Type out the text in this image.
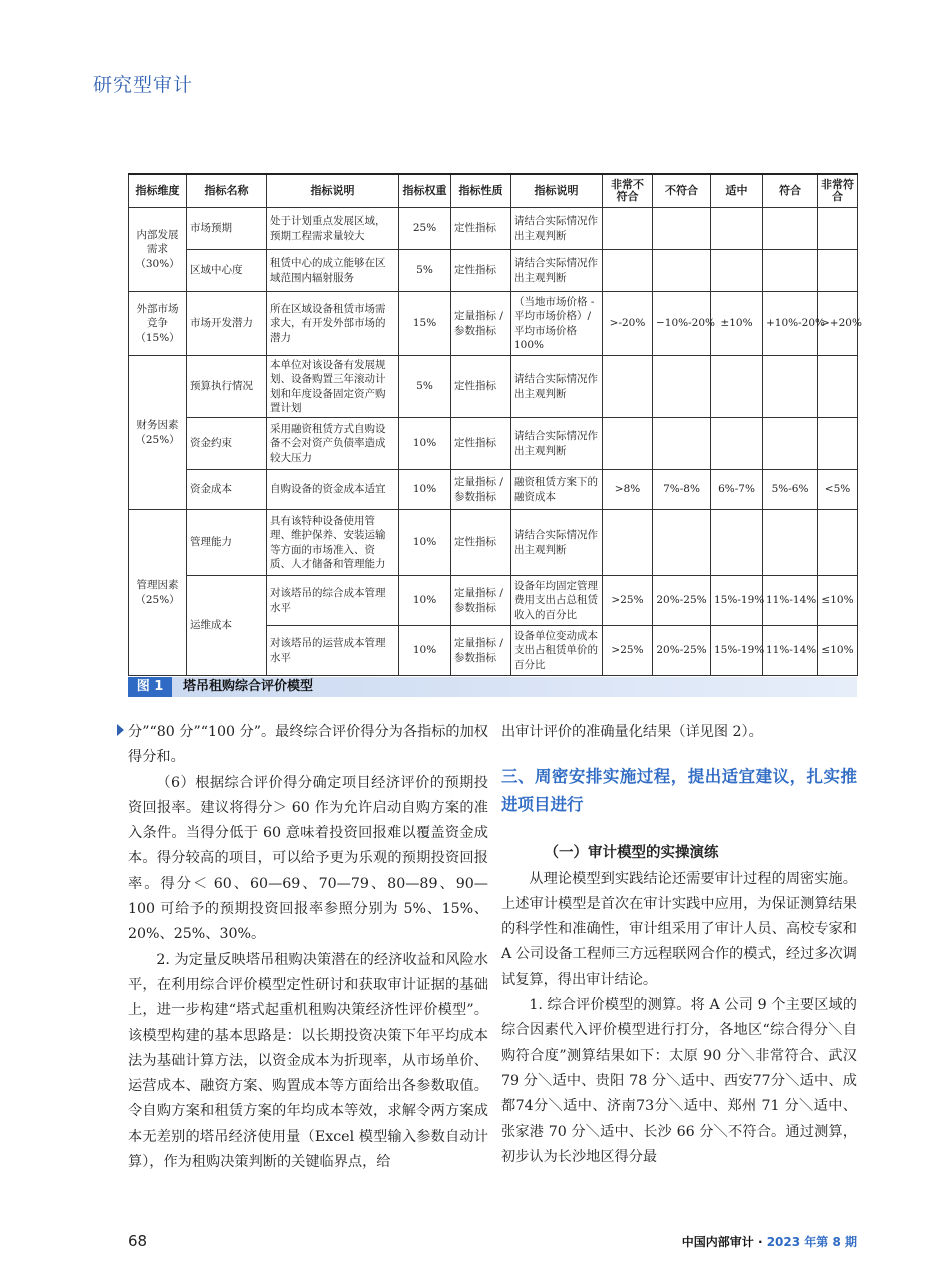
研究型审计
指标维度	指标名称	指标说明	指标权重	指标性质	指标说明	非常不符合	不符合	适中	符合	非常符合
内部发展需求（30%）	市场预期	处于计划重点发展区域，预期工程需求量较大	25%	定性指标	请结合实际情况作出主观判断					
	区域中心度	租赁中心的成立能够在区域范围内辐射服务	5%	定性指标	请结合实际情况作出主观判断					
外部市场竞争（15%）	市场开发潜力	所在区域设备租赁市场需求大，有开发外部市场的潜力	15%	定量指标 / 参数指标	（当地市场价格 - 平均市场价格）/ 平均市场价格 100%	>-20%	−10%-20%	±10%	+10%-20%	>+20%
财务因素（25%）	预算执行情况	本单位对该设备有发展规划、设备购置三年滚动计划和年度设备固定资产购置计划	5%	定性指标	请结合实际情况作出主观判断					
	资金约束	采用融资租赁方式自购设备不会对资产负债率造成较大压力	10%	定性指标	请结合实际情况作出主观判断					
	资金成本	自购设备的资金成本适宜	10%	定量指标 / 参数指标	融资租赁方案下的融资成本	>8%	7%-8%	6%-7%	5%-6%	<5%
管理因素（25%）	管理能力	具有该特种设备使用管理、维护保养、安装运输等方面的市场准入、资质、人才储备和管理能力	10%	定性指标	请结合实际情况作出主观判断					
	运维成本	对该塔吊的综合成本管理水平	10%	定量指标 / 参数指标	设备年均固定管理费用支出占总租赁收入的百分比	>25%	20%-25%	15%-19%	11%-14%	≤10%
		对该塔吊的运营成本管理水平	10%	定量指标 / 参数指标	设备单位变动成本支出占租赁单价的百分比	>25%	20%-25%	15%-19%	11%-14%	≤10%
图 1	塔吊租购综合评价模型

分”“80 分”“100 分”。最终综合评价得分为各指标的加权得分和。

（6）根据综合评价得分确定项目经济评价的预期投资回报率。建议将得分＞ 60 作为允许启动自购方案的准入条件。当得分低于 60 意味着投资回报难以覆盖资金成本。得分较高的项目，可以给予更为乐观的预期投资回报率。得分＜ 60、60—69、70—79、80—89、90—100 可给予的预期投资回报率参照分别为 5%、15%、20%、25%、30%。

2. 为定量反映塔吊租购决策潜在的经济收益和风险水平，在利用综合评价模型定性研讨和获取审计证据的基础上，进一步构建“塔式起重机租购决策经济性评价模型”。该模型构建的基本思路是：以长期投资决策下年平均成本法为基础计算方法，以资金成本为折现率，从市场单价、运营成本、融资方案、购置成本等方面给出各参数取值。令自购方案和租赁方案的年均成本等效，求解令两方案成本无差别的塔吊经济使用量（Excel 模型输入参数自动计算），作为租购决策判断的关键临界点，给

出审计评价的准确量化结果（详见图 2）。

三、周密安排实施过程，提出适宜建议，扎实推进项目进行

（一）审计模型的实操演练

从理论模型到实践结论还需要审计过程的周密实施。上述审计模型是首次在审计实践中应用，为保证测算结果的科学性和准确性，审计组采用了审计人员、高校专家和 A 公司设备工程师三方远程联网合作的模式，经过多次调试复算，得出审计结论。

1. 综合评价模型的测算。将 A 公司 9 个主要区域的综合因素代入评价模型进行打分，各地区“综合得分＼自购符合度”测算结果如下：太原 90 分＼非常符合、武汉 79 分＼适中、贵阳 78 分＼适中、西安77分＼适中、成都74分＼适中、济南73分＼适中、郑州 71 分＼适中、张家港 70 分＼适中、长沙 66 分＼不符合。通过测算，初步认为长沙地区得分最

68	中国内部审计 · 2023 年第 8 期
